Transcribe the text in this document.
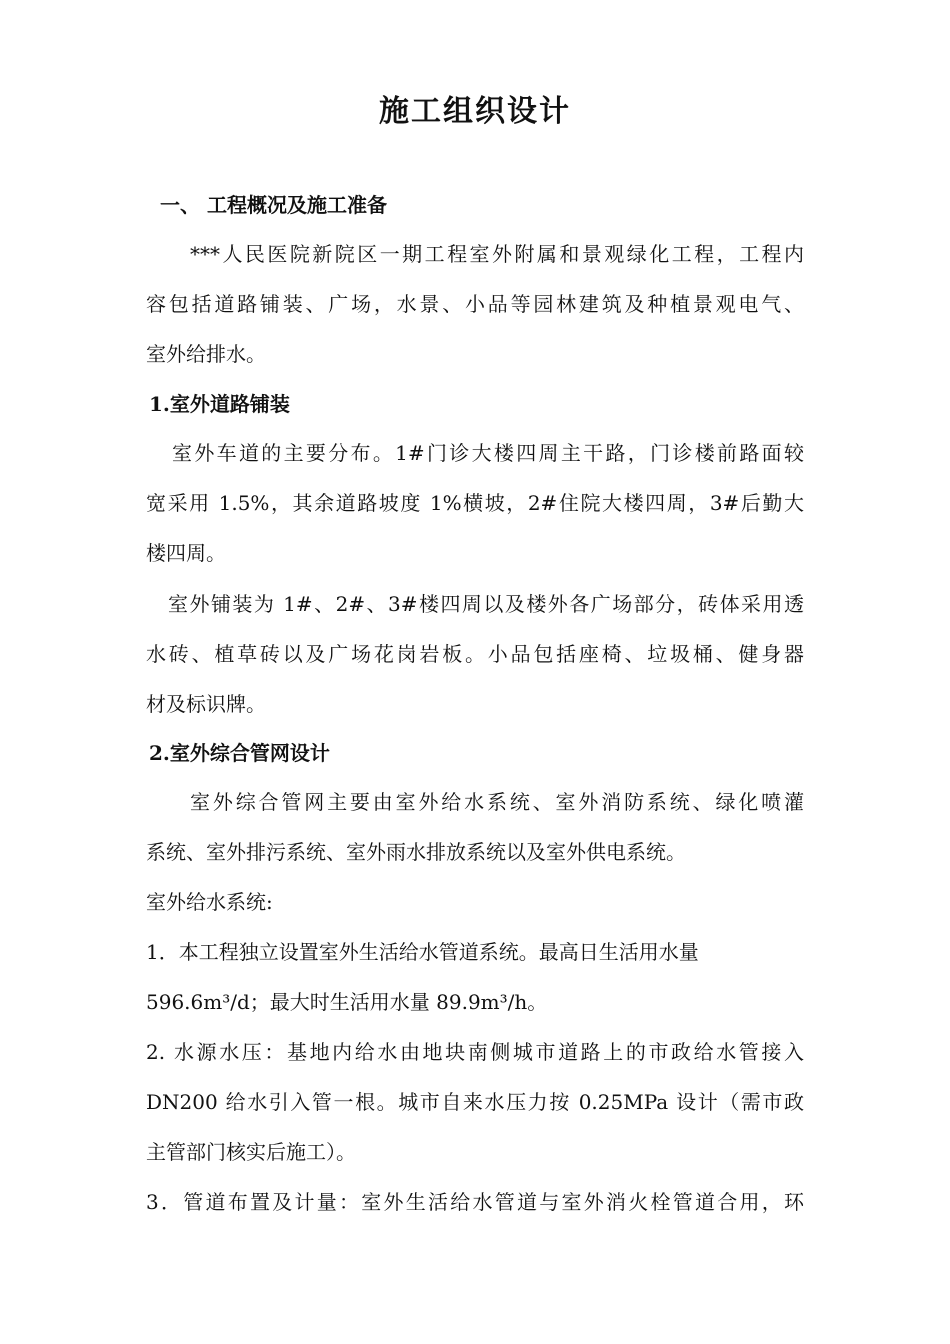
施工组织设计
一、 工程概况及施工准备
***人民医院新院区一期工程室外附属和景观绿化工程，工程内
容包括道路铺装、广场，水景、小品等园林建筑及种植景观电气、
室外给排水。
1.室外道路铺装
室外车道的主要分布。1#门诊大楼四周主干路，门诊楼前路面较
宽采用 1.5%，其余道路坡度 1%横坡，2#住院大楼四周，3#后勤大
楼四周。
室外铺装为 1#、2#、3#楼四周以及楼外各广场部分，砖体采用透
水砖、植草砖以及广场花岗岩板。小品包括座椅、垃圾桶、健身器
材及标识牌。
2.室外综合管网设计
室外综合管网主要由室外给水系统、室外消防系统、绿化喷灌
系统、室外排污系统、室外雨水排放系统以及室外供电系统。
室外给水系统:
1．本工程独立设置室外生活给水管道系统。最高日生活用水量
596.6m³/d；最大时生活用水量 89.9m³/h。
2. 水源水压：基地内给水由地块南侧城市道路上的市政给水管接入
DN200 给水引入管一根。城市自来水压力按 0.25MPa 设计（需市政
主管部门核实后施工）。
3．管道布置及计量：室外生活给水管道与室外消火栓管道合用，环
